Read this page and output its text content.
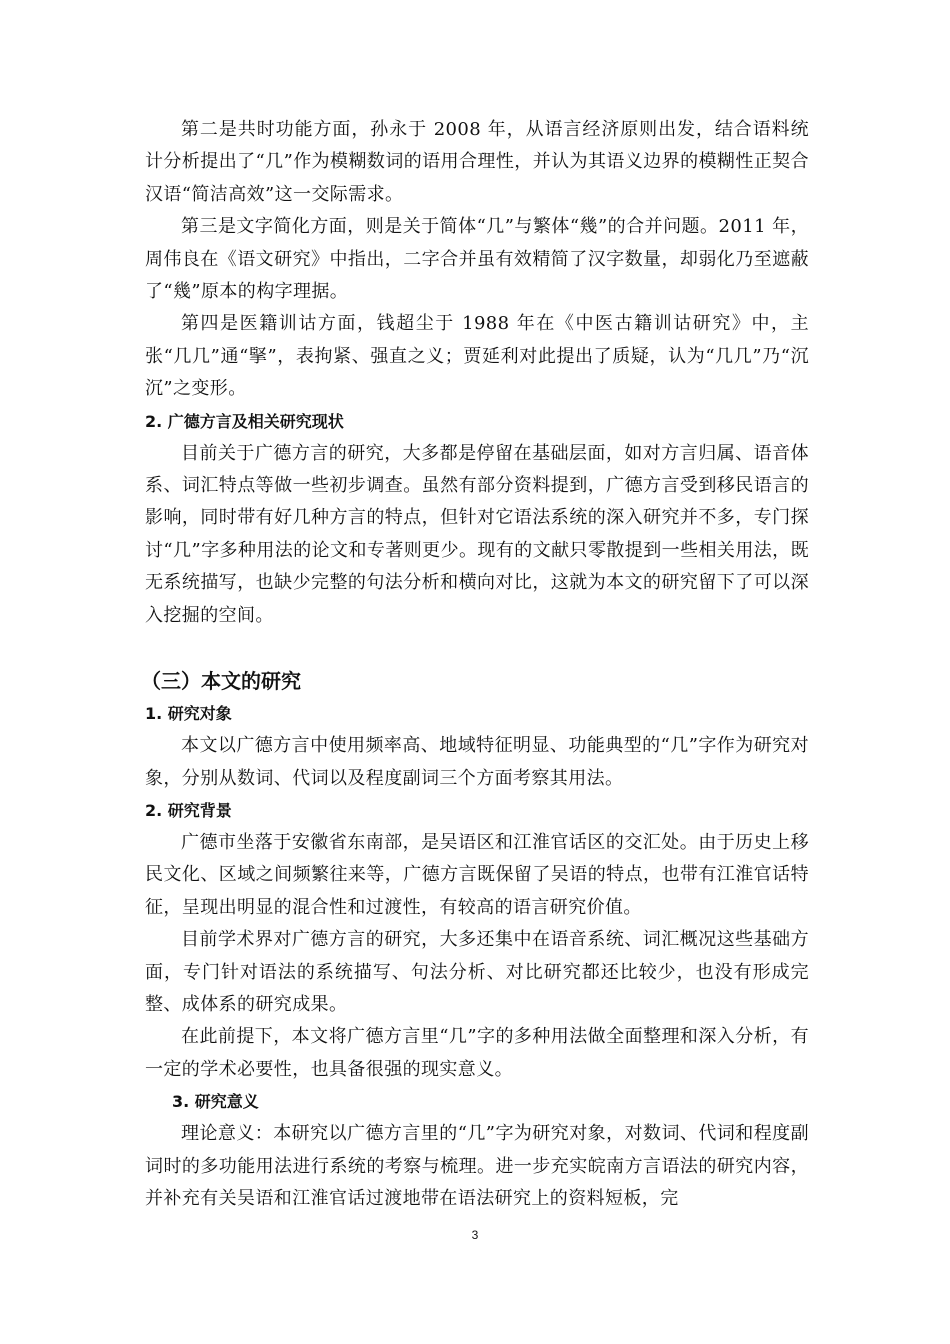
第二是共时功能方面，孙永于 2008 年，从语言经济原则出发，结合语料统计分析提出了“几”作为模糊数词的语用合理性，并认为其语义边界的模糊性正契合汉语“简洁高效”这一交际需求。

第三是文字简化方面，则是关于简体“几”与繁体“幾”的合并问题。2011 年，周伟良在《语文研究》中指出，二字合并虽有效精简了汉字数量，却弱化乃至遮蔽了“幾”原本的构字理据。

第四是医籍训诂方面，钱超尘于 1988 年在《中医古籍训诂研究》中，主张“几几”通“掔”，表拘紧、强直之义；贾延利对此提出了质疑，认为“几几”乃“沉沉”之变形。

2. 广德方言及相关研究现状

目前关于广德方言的研究，大多都是停留在基础层面，如对方言归属、语音体系、词汇特点等做一些初步调查。虽然有部分资料提到，广德方言受到移民语言的影响，同时带有好几种方言的特点，但针对它语法系统的深入研究并不多，专门探讨“几”字多种用法的论文和专著则更少。现有的文献只零散提到一些相关用法，既无系统描写，也缺少完整的句法分析和横向对比，这就为本文的研究留下了可以深入挖掘的空间。

（三）本文的研究

1. 研究对象

本文以广德方言中使用频率高、地域特征明显、功能典型的“几”字作为研究对象，分别从数词、代词以及程度副词三个方面考察其用法。

2. 研究背景

广德市坐落于安徽省东南部，是吴语区和江淮官话区的交汇处。由于历史上移民文化、区域之间频繁往来等，广德方言既保留了吴语的特点，也带有江淮官话特征，呈现出明显的混合性和过渡性，有较高的语言研究价值。

目前学术界对广德方言的研究，大多还集中在语音系统、词汇概况这些基础方面，专门针对语法的系统描写、句法分析、对比研究都还比较少，也没有形成完整、成体系的研究成果。

在此前提下，本文将广德方言里“几”字的多种用法做全面整理和深入分析，有一定的学术必要性，也具备很强的现实意义。

3. 研究意义

理论意义：本研究以广德方言里的“几”字为研究对象，对数词、代词和程度副词时的多功能用法进行系统的考察与梳理。进一步充实皖南方言语法的研究内容，并补充有关吴语和江淮官话过渡地带在语法研究上的资料短板，完

3
